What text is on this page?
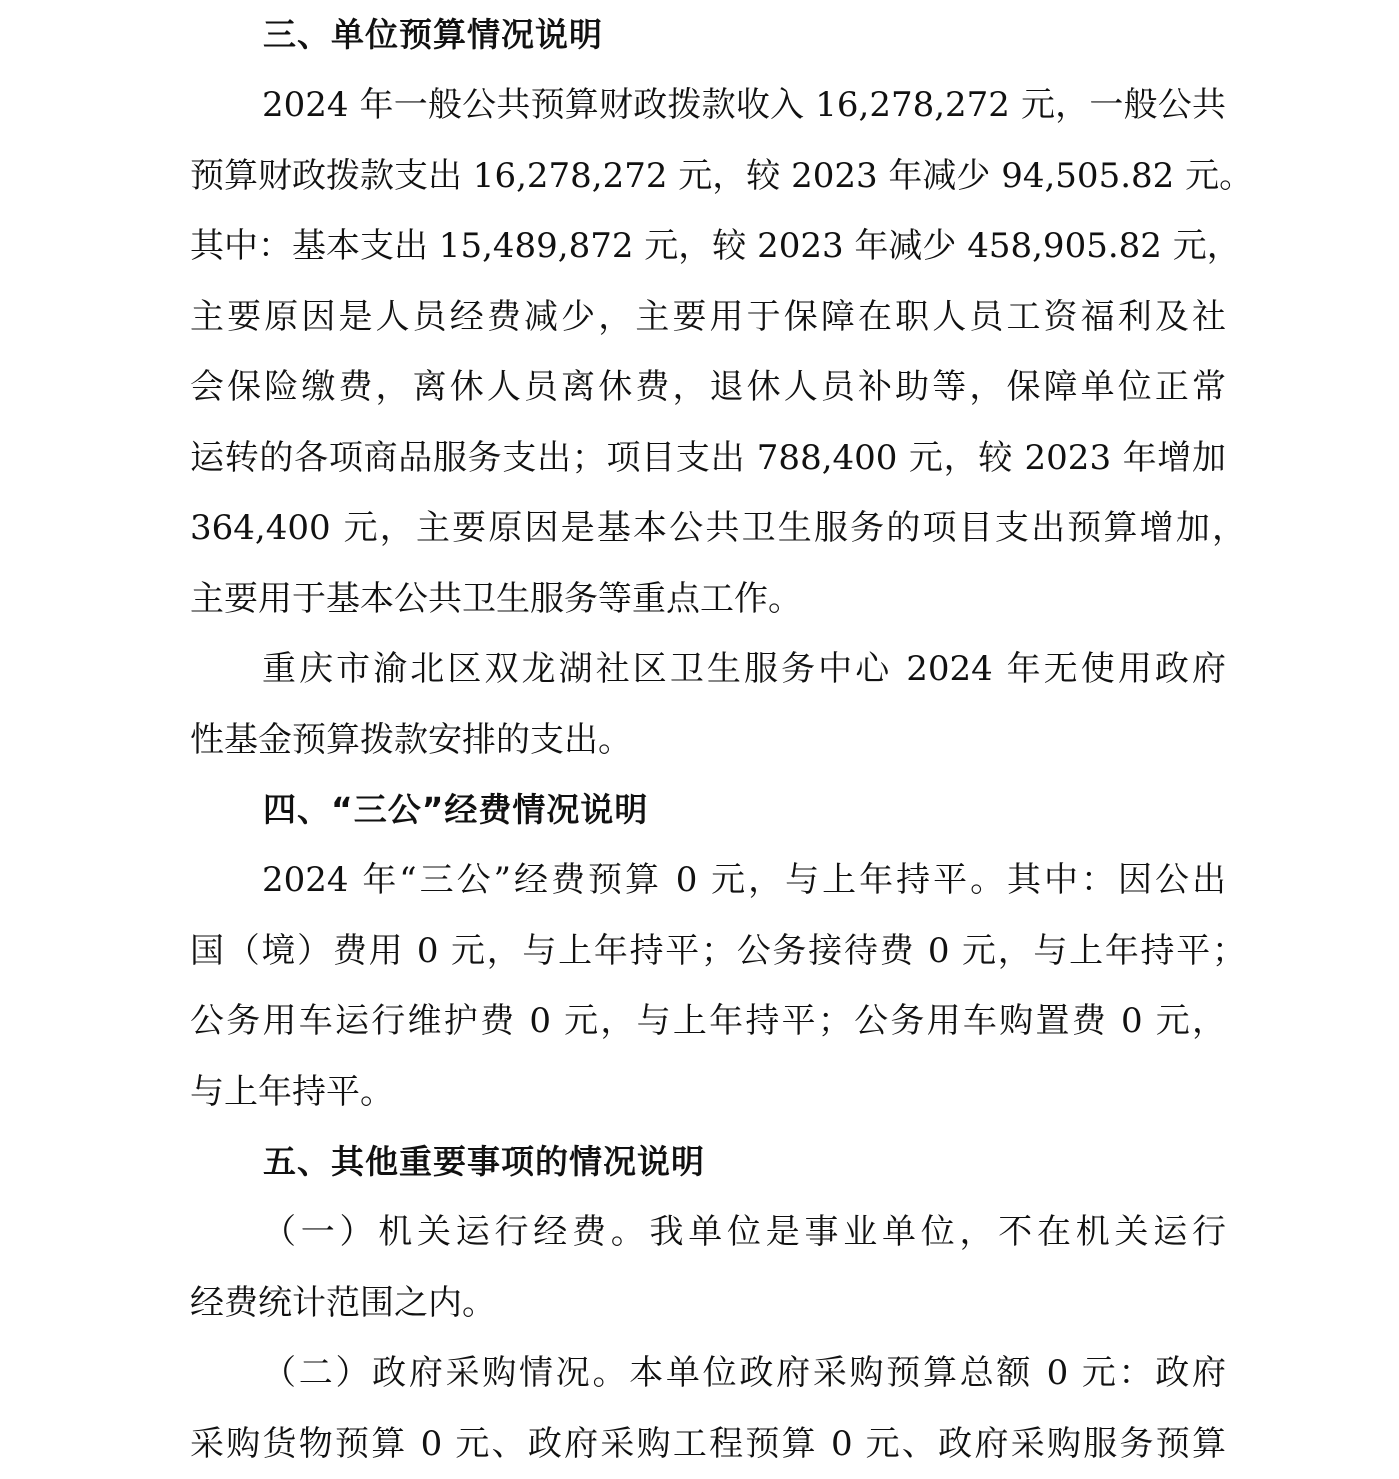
三、单位预算情况说明
2024 年一般公共预算财政拨款收入 16,278,272 元，一般公共
预算财政拨款支出 16,278,272 元，较 2023 年减少 94,505.82 元。
其中：基本支出 15,489,872 元，较 2023 年减少 458,905.82 元，
主要原因是人员经费减少，主要用于保障在职人员工资福利及社
会保险缴费，离休人员离休费，退休人员补助等，保障单位正常
运转的各项商品服务支出；项目支出 788,400 元，较 2023 年增加
364,400 元，主要原因是基本公共卫生服务的项目支出预算增加，
主要用于基本公共卫生服务等重点工作。
重庆市渝北区双龙湖社区卫生服务中心 2024 年无使用政府
性基金预算拨款安排的支出。
四、“三公”经费情况说明
2024 年“三公”经费预算 0 元，与上年持平。其中：因公出
国（境）费用 0 元，与上年持平；公务接待费 0 元，与上年持平；
公务用车运行维护费 0 元，与上年持平；公务用车购置费 0 元，
与上年持平。
五、其他重要事项的情况说明
（一）机关运行经费。我单位是事业单位，不在机关运行
经费统计范围之内。
（二）政府采购情况。本单位政府采购预算总额 0 元：政府
采购货物预算 0 元、政府采购工程预算 0 元、政府采购服务预算
